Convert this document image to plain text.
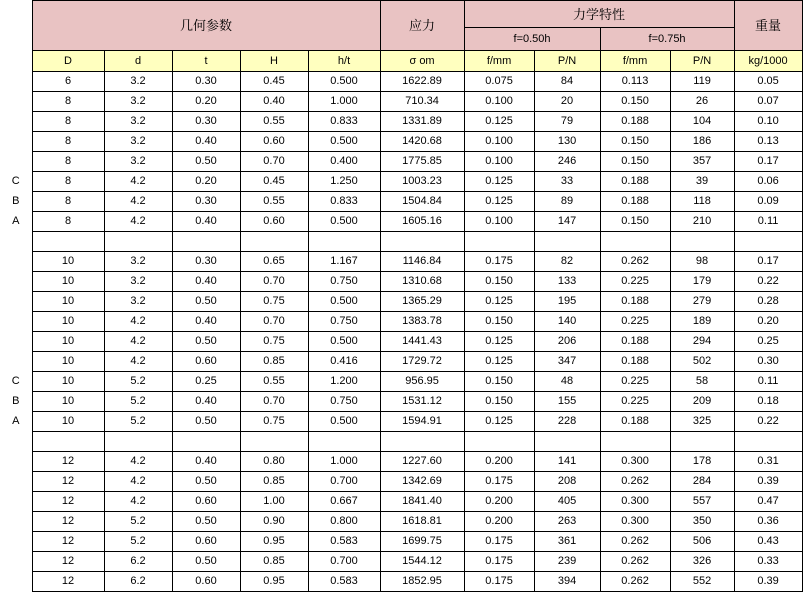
	几何参数					应力	力学特性				重量
							f=0.50h		f=0.75h		
	D	d	t	H	h/t	σ om	f/mm	P/N	f/mm	P/N	kg/1000
	6	3.2	0.30	0.45	0.500	1622.89	0.075	84	0.113	119	0.05
	8	3.2	0.20	0.40	1.000	710.34	0.100	20	0.150	26	0.07
	8	3.2	0.30	0.55	0.833	1331.89	0.125	79	0.188	104	0.10
	8	3.2	0.40	0.60	0.500	1420.68	0.100	130	0.150	186	0.13
	8	3.2	0.50	0.70	0.400	1775.85	0.100	246	0.150	357	0.17
C	8	4.2	0.20	0.45	1.250	1003.23	0.125	33	0.188	39	0.06
B	8	4.2	0.30	0.55	0.833	1504.84	0.125	89	0.188	118	0.09
A	8	4.2	0.40	0.60	0.500	1605.16	0.100	147	0.150	210	0.11

	10	3.2	0.30	0.65	1.167	1146.84	0.175	82	0.262	98	0.17
	10	3.2	0.40	0.70	0.750	1310.68	0.150	133	0.225	179	0.22
	10	3.2	0.50	0.75	0.500	1365.29	0.125	195	0.188	279	0.28
	10	4.2	0.40	0.70	0.750	1383.78	0.150	140	0.225	189	0.20
	10	4.2	0.50	0.75	0.500	1441.43	0.125	206	0.188	294	0.25
	10	4.2	0.60	0.85	0.416	1729.72	0.125	347	0.188	502	0.30
C	10	5.2	0.25	0.55	1.200	956.95	0.150	48	0.225	58	0.11
B	10	5.2	0.40	0.70	0.750	1531.12	0.150	155	0.225	209	0.18
A	10	5.2	0.50	0.75	0.500	1594.91	0.125	228	0.188	325	0.22

	12	4.2	0.40	0.80	1.000	1227.60	0.200	141	0.300	178	0.31
	12	4.2	0.50	0.85	0.700	1342.69	0.175	208	0.262	284	0.39
	12	4.2	0.60	1.00	0.667	1841.40	0.200	405	0.300	557	0.47
	12	5.2	0.50	0.90	0.800	1618.81	0.200	263	0.300	350	0.36
	12	5.2	0.60	0.95	0.583	1699.75	0.175	361	0.262	506	0.43
	12	6.2	0.50	0.85	0.700	1544.12	0.175	239	0.262	326	0.33
	12	6.2	0.60	0.95	0.583	1852.95	0.175	394	0.262	552	0.39
